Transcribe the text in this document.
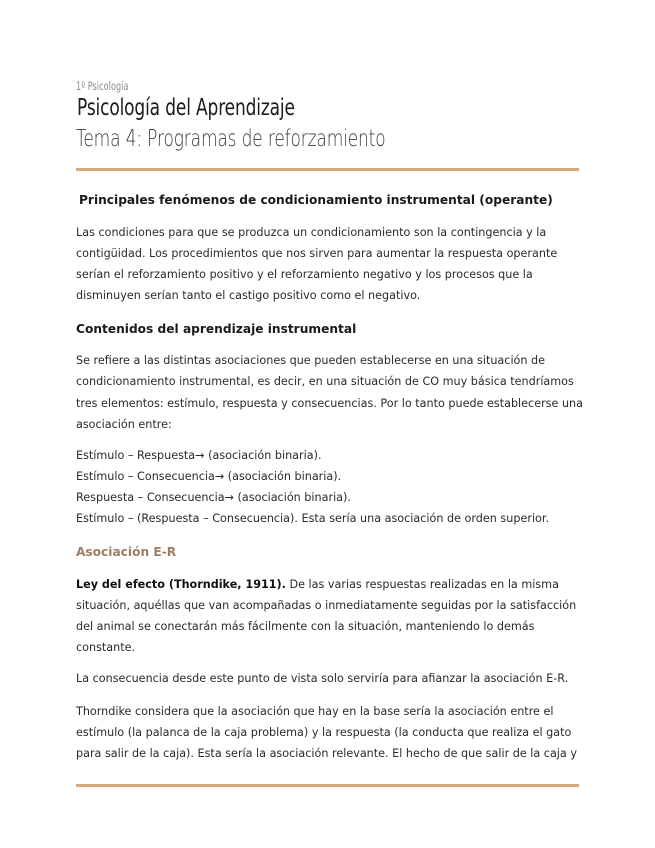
1º Psicología
Psicología del Aprendizaje
Tema 4: Programas de reforzamiento
Principales fenómenos de condicionamiento instrumental (operante)
Las condiciones para que se produzca un condicionamiento son la contingencia y la
contigüidad. Los procedimientos que nos sirven para aumentar la respuesta operante
serían el reforzamiento positivo y el reforzamiento negativo y los procesos que la
disminuyen serían tanto el castigo positivo como el negativo.
Contenidos del aprendizaje instrumental
Se refiere a las distintas asociaciones que pueden establecerse en una situación de
condicionamiento instrumental, es decir, en una situación de CO muy básica tendríamos
tres elementos: estímulo, respuesta y consecuencias. Por lo tanto puede establecerse una
asociación entre:
Estímulo – Respuesta→ (asociación binaria).
Estímulo – Consecuencia→ (asociación binaria).
Respuesta – Consecuencia→ (asociación binaria).
Estímulo – (Respuesta – Consecuencia). Esta sería una asociación de orden superior.
Asociación E-R
Ley del efecto (Thorndike, 1911). De las varias respuestas realizadas en la misma
situación, aquéllas que van acompañadas o inmediatamente seguidas por la satisfacción
del animal se conectarán más fácilmente con la situación, manteniendo lo demás
constante.
La consecuencia desde este punto de vista solo serviría para afianzar la asociación E-R.
Thorndike considera que la asociación que hay en la base sería la asociación entre el
estímulo (la palanca de la caja problema) y la respuesta (la conducta que realiza el gato
para salir de la caja). Esta sería la asociación relevante. El hecho de que salir de la caja y
